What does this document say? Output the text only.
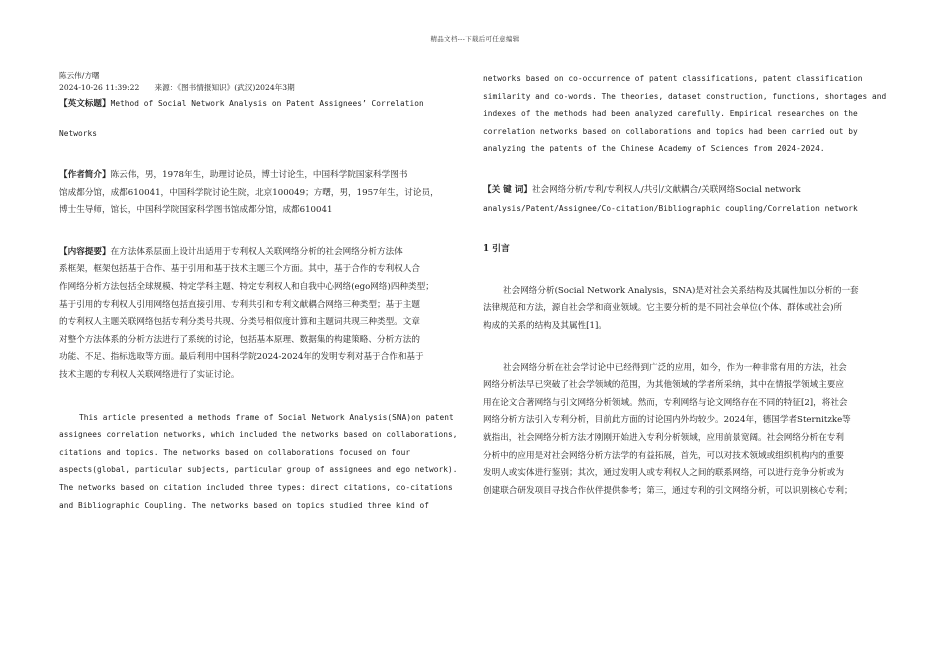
精品文档---下载后可任意编辑
陈云伟/方曙
2024-10-26 11:39:22　　来源：《图书情报知识》(武汉)2024年3期
【英文标题】Method of Social Network Analysis on Patent Assignees’ Correlation
Networks
【作者简介】陈云伟，男，1978年生，助理讨论员，博士讨论生，中国科学院国家科学图书
馆成都分馆，成都610041，中国科学院讨论生院，北京100049；方曙，男，1957年生，讨论员，
博士生导师，馆长，中国科学院国家科学图书馆成都分馆，成都610041
【内容提要】在方法体系层面上设计出适用于专利权人关联网络分析的社会网络分析方法体
系框架，框架包括基于合作、基于引用和基于技术主题三个方面。其中，基于合作的专利权人合
作网络分析方法包括全球规模、特定学科主题、特定专利权人和自我中心网络(ego网络)四种类型；
基于引用的专利权人引用网络包括直接引用、专利共引和专利文献耦合网络三种类型；基于主题
的专利权人主题关联网络包括专利分类号共现、分类号相似度计算和主题词共现三种类型。文章
对整个方法体系的分析方法进行了系统的讨论，包括基本原理、数据集的构建策略、分析方法的
功能、不足、指标选取等方面。最后利用中国科学院2024-2024年的发明专利对基于合作和基于
技术主题的专利权人关联网络进行了实证讨论。
This article presented a methods frame of Social Network Analysis(SNA)on patent
assignees correlation networks, which included the networks based on collaborations,
citations and topics. The networks based on collaborations focused on four
aspects(global, particular subjects, particular group of assignees and ego network).
The networks based on citation included three types: direct citations, co-citations
and Bibliographic Coupling. The networks based on topics studied three kind of
networks based on co-occurrence of patent classifications, patent classification
similarity and co-words. The theories, dataset construction, functions, shortages and
indexes of the methods had been analyzed carefully. Empirical researches on the
correlation networks based on collaborations and topics had been carried out by
analyzing the patents of the Chinese Academy of Sciences from 2024-2024.
【关 键 词】社会网络分析/专利/专利权人/共引/文献耦合/关联网络Social network
analysis/Patent/Assignee/Co-citation/Bibliographic coupling/Correlation network
1 引言
社会网络分析(Social Network Analysis，SNA)是对社会关系结构及其属性加以分析的一套
法律规范和方法，源自社会学和商业领域。它主要分析的是不同社会单位(个体、群体或社会)所
构成的关系的结构及其属性[1]。
社会网络分析在社会学讨论中已经得到广泛的应用，如今，作为一种非常有用的方法，社会
网络分析法早已突破了社会学领域的范围，为其他领域的学者所采纳，其中在情报学领域主要应
用在论文合著网络与引文网络分析领域。然而，专利网络与论文网络存在不同的特征[2]，将社会
网络分析方法引入专利分析，目前此方面的讨论国内外均较少。2024年，德国学者Sternitzke等
就指出，社会网络分析方法才刚刚开始进入专利分析领域，应用前景宽阔。社会网络分析在专利
分析中的应用是对社会网络分析方法学的有益拓展，首先，可以对技术领域或组织机构内的重要
发明人或实体进行鉴别；其次，通过发明人或专利权人之间的联系网络，可以进行竞争分析或为
创建联合研发项目寻找合作伙伴提供参考；第三，通过专利的引文网络分析，可以识别核心专利；
